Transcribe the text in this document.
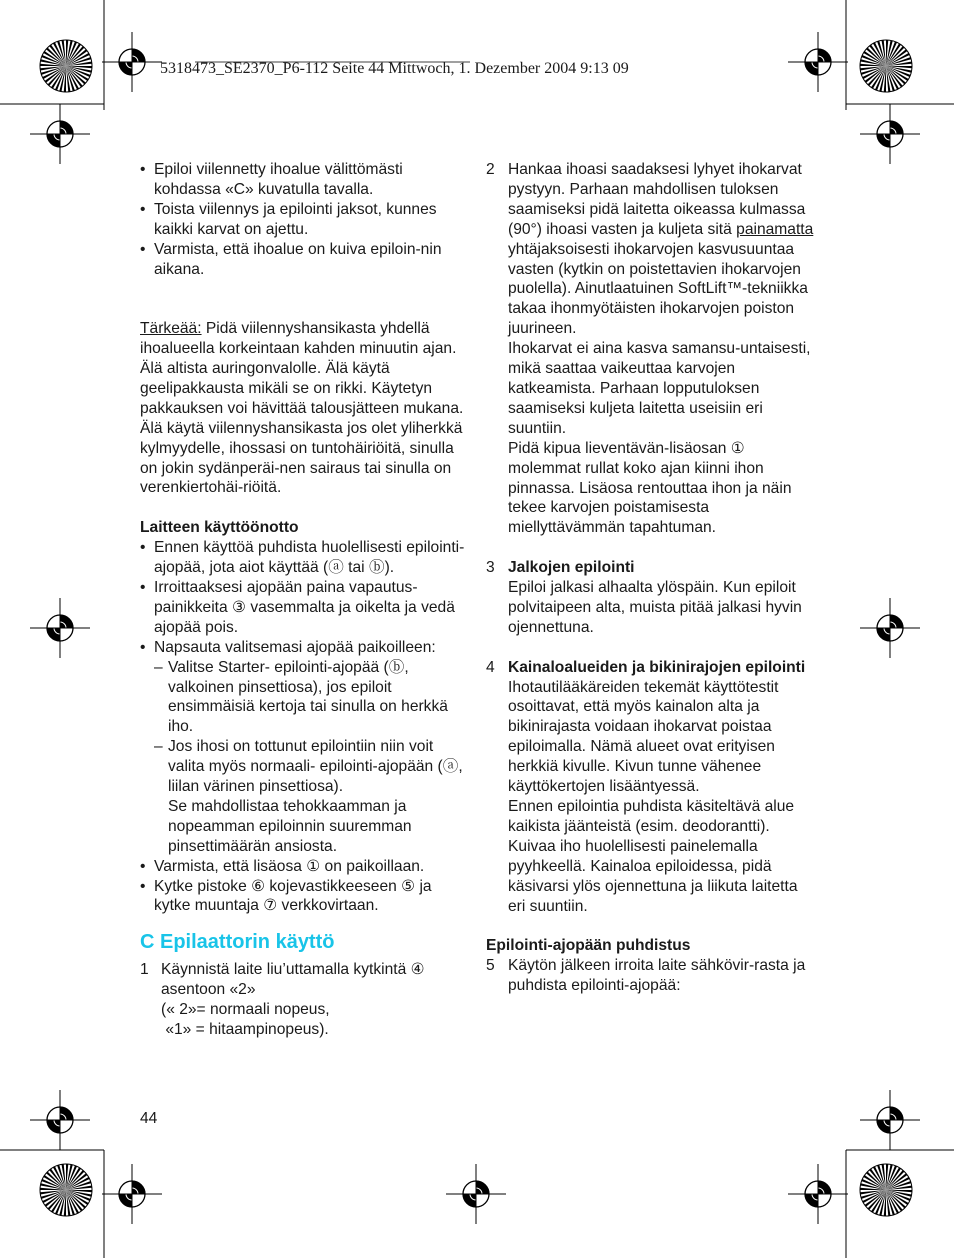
5318473_SE2370_P6-112 Seite 44 Mittwoch, 1. Dezember 2004 9:13 09
• Epiloi viilennetty ihoalue välittömästi kohdassa «C» kuvatulla tavalla.
• Toista viilennys ja epilointi jaksot, kunnes kaikki karvat on ajettu.
• Varmista, että ihoalue on kuiva epiloin-nin aikana.

Tärkeää: Pidä viilennyshansikasta yhdellä ihoalueella korkeintaan kahden minuutin ajan. Älä altista auringonvalolle. Älä käytä geelipakkausta mikäli se on rikki. Käytetyn pakkauksen voi hävittää talousjätteen mukana. Älä käytä viilennyshansikasta jos olet yliherkkä kylmyydelle, ihossasi on tuntohäiriöitä, sinulla on jokin sydänperäi-nen sairaus tai sinulla on verenkiertohäi-riöitä.

Laitteen käyttöönotto
• Ennen käyttöä puhdista huolellisesti epilointi-ajopää, jota aiot käyttää (ⓐ tai ⓑ).
• Irroittaaksesi ajopään paina vapautus-painikkeita ③ vasemmalta ja oikelta ja vedä ajopää pois.
• Napsauta valitsemasi ajopää paikoilleen:
– Valitse Starter- epilointi-ajopää (ⓑ, valkoinen pinsettiosa), jos epiloit ensimmäisiä kertoja tai sinulla on herkkä iho.
– Jos ihosi on tottunut epilointiin niin voit valita myös normaali- epilointi-ajopään (ⓐ, liilan värinen pinsettiosa).
Se mahdollistaa tehokkaamman ja nopeamman epiloinnin suuremman pinsettimäärän ansiosta.
• Varmista, että lisäosa ① on paikoillaan.
• Kytke pistoke ⑥ kojevastikkeeseen ⑤ ja kytke muuntaja ⑦ verkkovirtaan.
C Epilaattorin käyttö
1 Käynnistä laite liu’uttamalla kytkintä ④ asentoon «2»
(« 2»= normaali nopeus,
«1» = hitaampinopeus).
2 Hankaa ihoasi saadaksesi lyhyet ihokarvat pystyyn. Parhaan mahdollisen tuloksen saamiseksi pidä laitetta oikeassa kulmassa (90°) ihoasi vasten ja kuljeta sitä painamatta yhtäjaksoisesti ihokarvojen kasvusuuntaa vasten (kytkin on poistettavien ihokarvojen puolella). Ainutlaatuinen SoftLift™-tekniikka takaa ihonmyötäisten ihokarvojen poiston juurineen.

Ihokarvat ei aina kasva samansu-untaisesti, mikä saattaa vaikeuttaa karvojen katkeamista. Parhaan lopputuloksen saamiseksi kuljeta laitetta useisiin eri suuntiin.

Pidä kipua lieventävän-lisäosan ① molemmat rullat koko ajan kiinni ihon pinnassa. Lisäosa rentouttaa ihon ja näin tekee karvojen poistamisesta miellyttävämmän tapahtuman.

3 Jalkojen epilointi

Epiloi jalkasi alhaalta ylöspäin. Kun epiloit polvitaipeen alta, muista pitää jalkasi hyvin ojennettuna.

4 Kainaloalueiden ja bikinirajojen epilointi

Ihotautilääkäreiden tekemät käyttötestit osoittavat, että myös kainalon alta ja bikinirajasta voidaan ihokarvat poistaa epiloimalla. Nämä alueet ovat erityisen herkkiä kivulle. Kivun tunne vähenee käyttökertojen lisääntyessä.

Ennen epilointia puhdista käsiteltävä alue kaikista jäänteistä (esim. deodorantti). Kuivaa iho huolellisesti painelemalla pyyhkeellä. Kainaloa epiloidessa, pidä käsivarsi ylös ojennettuna ja liikuta laitetta eri suuntiin.

Epilointi-ajopään puhdistus
5 Käytön jälkeen irroita laite sähkövir-rasta ja puhdista epilointi-ajopää:

44
